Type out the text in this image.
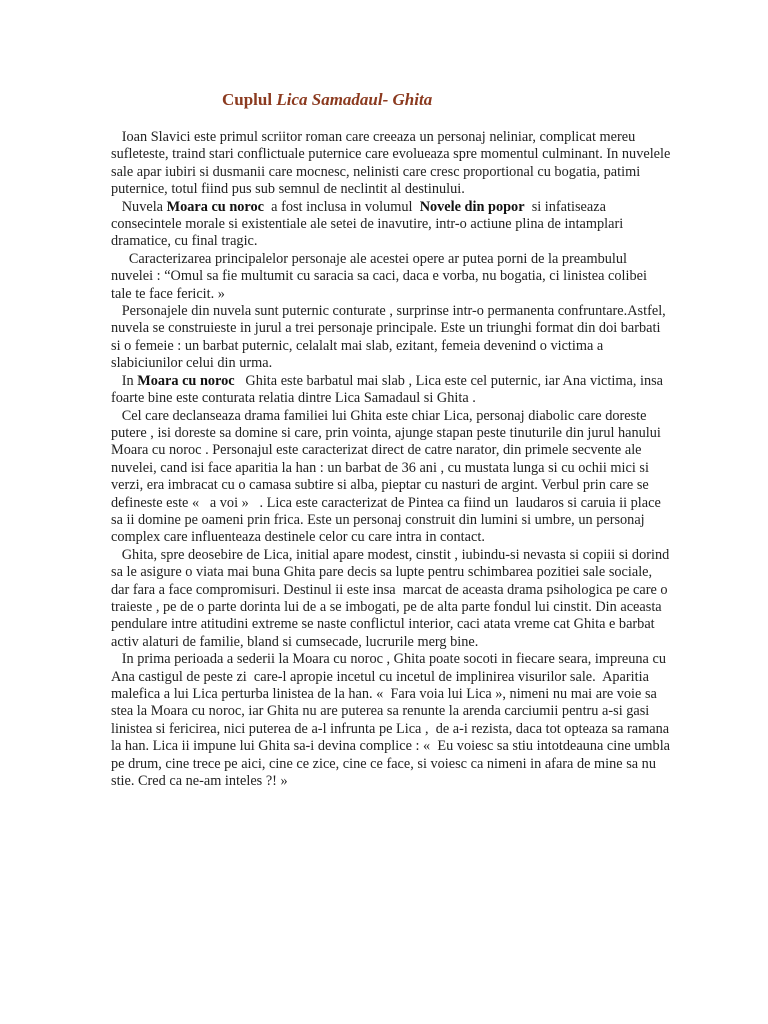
Cuplul Lica Samadaul- Ghita

Ioan Slavici este primul scriitor roman care creeaza un personaj neliniar, complicat mereu sufleteste, traind stari conflictuale puternice care evolueaza spre momentul culminant. In nuvelele sale apar iubiri si dusmanii care mocnesc, nelinisti care cresc proportional cu bogatia, patimi puternice, totul fiind pus sub semnul de neclintit al destinului.

Nuvela Moara cu noroc  a fost inclusa in volumul  Novele din popor  si infatiseaza consecintele morale si existentiale ale setei de inavutire, intr-o actiune plina de intamplari dramatice, cu final tragic.

Caracterizarea principalelor personaje ale acestei opere ar putea porni de la preambulul nuvelei : “Omul sa fie multumit cu saracia sa caci, daca e vorba, nu bogatia, ci linistea colibei tale te face fericit. »

Personajele din nuvela sunt puternic conturate , surprinse intr-o permanenta confruntare.Astfel, nuvela se construieste in jurul a trei personaje principale. Este un triunghi format din doi barbati si o femeie : un barbat puternic, celalalt mai slab, ezitant, femeia devenind o victima a slabiciunilor celui din urma.

In Moara cu noroc   Ghita este barbatul mai slab , Lica este cel puternic, iar Ana victima, insa foarte bine este conturata relatia dintre Lica Samadaul si Ghita .

Cel care declanseaza drama familiei lui Ghita este chiar Lica, personaj diabolic care doreste putere , isi doreste sa domine si care, prin vointa, ajunge stapan peste tinuturile din jurul hanului Moara cu noroc . Personajul este caracterizat direct de catre narator, din primele secvente ale nuvelei, cand isi face aparitia la han : un barbat de 36 ani , cu mustata lunga si cu ochii mici si verzi, era imbracat cu o camasa subtire si alba, pieptar cu nasturi de argint. Verbul prin care se defineste este «   a voi »   . Lica este caracterizat de Pintea ca fiind un  laudaros si caruia ii place sa ii domine pe oameni prin frica. Este un personaj construit din lumini si umbre, un personaj complex care influenteaza destinele celor cu care intra in contact.

Ghita, spre deosebire de Lica, initial apare modest, cinstit , iubindu-si nevasta si copiii si dorind sa le asigure o viata mai buna Ghita pare decis sa lupte pentru schimbarea pozitiei sale sociale, dar fara a face compromisuri. Destinul ii este insa  marcat de aceasta drama psihologica pe care o traieste , pe de o parte dorinta lui de a se imbogati, pe de alta parte fondul lui cinstit. Din aceasta pendulare intre atitudini extreme se naste conflictul interior, caci atata vreme cat Ghita e barbat activ alaturi de familie, bland si cumsecade, lucrurile merg bine.

In prima perioada a sederii la Moara cu noroc , Ghita poate socoti in fiecare seara, impreuna cu Ana castigul de peste zi  care-l apropie incetul cu incetul de implinirea visurilor sale.  Aparitia malefica a lui Lica perturba linistea de la han. «  Fara voia lui Lica », nimeni nu mai are voie sa stea la Moara cu noroc, iar Ghita nu are puterea sa renunte la arenda carciumii pentru a-si gasi linistea si fericirea, nici puterea de a-l infrunta pe Lica ,  de a-i rezista, daca tot opteaza sa ramana la han. Lica ii impune lui Ghita sa-i devina complice : «  Eu voiesc sa stiu intotdeauna cine umbla pe drum, cine trece pe aici, cine ce zice, cine ce face, si voiesc ca nimeni in afara de mine sa nu stie. Cred ca ne-am inteles ?! »
